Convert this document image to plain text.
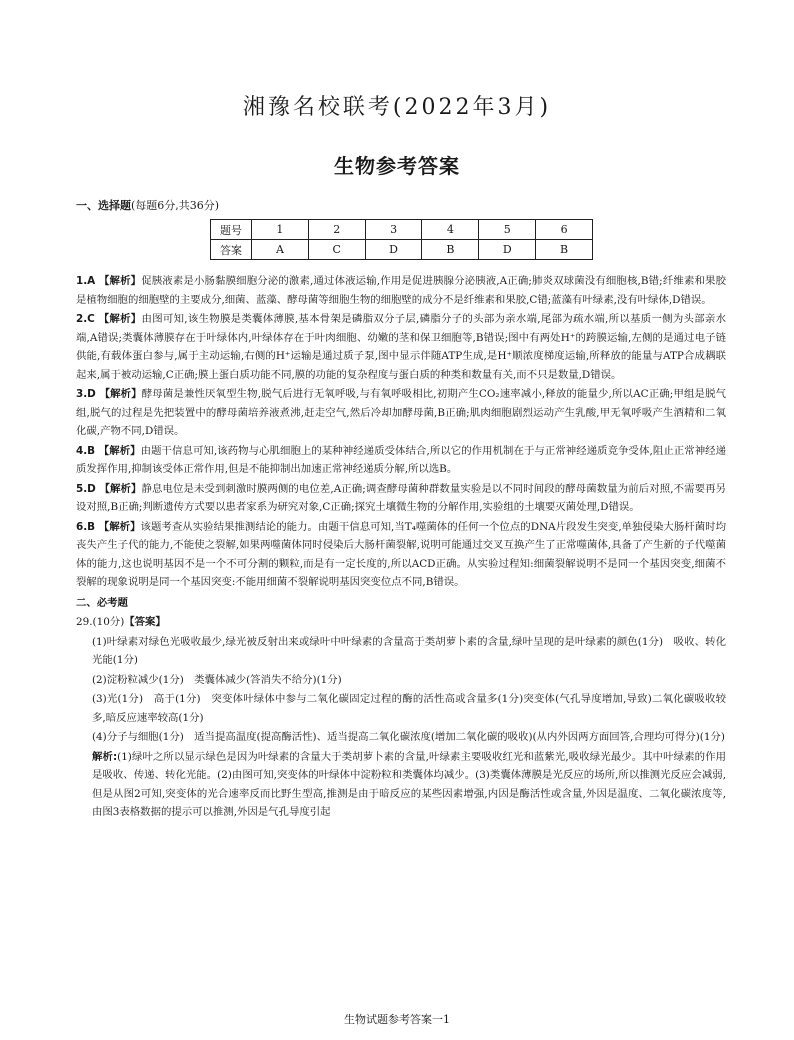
湘豫名校联考(2022年3月)
生物参考答案
一、选择题(每题6分,共36分)
题号	1	2	3	4	5	6
答案	A	C	D	B	D	B

1.A 【解析】促胰液素是小肠黏膜细胞分泌的激素,通过体液运输,作用是促进胰腺分泌胰液,A正确;肺炎双球菌没有细胞核,B错;纤维素和果胶是植物细胞的细胞壁的主要成分,细菌、蓝藻、酵母菌等细胞生物的细胞壁的成分不是纤维素和果胶,C错;蓝藻有叶绿素,没有叶绿体,D错误。

2.C 【解析】由图可知,该生物膜是类囊体薄膜,基本骨架是磷脂双分子层,磷脂分子的头部为亲水端,尾部为疏水端,所以基质一侧为头部亲水端,A错误;类囊体薄膜存在于叶绿体内,叶绿体存在于叶肉细胞、幼嫩的茎和保卫细胞等,B错误;图中有两处H⁺的跨膜运输,左侧的是通过电子链供能,有载体蛋白参与,属于主动运输,右侧的H⁺运输是通过质子泵,图中显示伴随ATP生成,是H⁺顺浓度梯度运输,所释放的能量与ATP合成耦联起来,属于被动运输,C正确;膜上蛋白质功能不同,膜的功能的复杂程度与蛋白质的种类和数量有关,而不只是数量,D错误。

3.D 【解析】酵母菌是兼性厌氧型生物,脱气后进行无氧呼吸,与有氧呼吸相比,初期产生CO₂速率减小,释放的能量少,所以AC正确;甲组是脱气组,脱气的过程是先把装置中的酵母菌培养液煮沸,赶走空气,然后冷却加酵母菌,B正确;肌肉细胞剧烈运动产生乳酸,甲无氧呼吸产生酒精和二氧化碳,产物不同,D错误。

4.B 【解析】由题干信息可知,该药物与心肌细胞上的某种神经递质受体结合,所以它的作用机制在于与正常神经递质竞争受体,阻止正常神经递质发挥作用,抑制该受体正常作用,但是不能抑制出加速正常神经递质分解,所以选B。

5.D 【解析】静息电位是未受到刺激时膜两侧的电位差,A正确;调查酵母菌种群数量实验是以不同时间段的酵母菌数量为前后对照,不需要再另设对照,B正确;判断遗传方式要以患者家系为研究对象,C正确;探究土壤微生物的分解作用,实验组的土壤要灭菌处理,D错误。

6.B 【解析】该题考查从实验结果推测结论的能力。由题干信息可知,当T₄噬菌体的任何一个位点的DNA片段发生突变,单独侵染大肠杆菌时均丧失产生子代的能力,不能使之裂解,如果两噬菌体同时侵染后大肠杆菌裂解,说明可能通过交叉互换产生了正常噬菌体,具备了产生新的子代噬菌体的能力,这也说明基因不是一个不可分割的颗粒,而是有一定长度的,所以ACD正确。从实验过程知:细菌裂解说明不是同一个基因突变,细菌不裂解的现象说明是同一个基因突变:不能用细菌不裂解说明基因突变位点不同,B错误。

二、必考题

29.(10分)【答案】

(1)叶绿素对绿色光吸收最少,绿光被反射出来或绿叶中叶绿素的含量高于类胡萝卜素的含量,绿叶呈现的是叶绿素的颜色(1分)　吸收、转化光能(1分)

(2)淀粉粒减少(1分)　类囊体减少(答消失不给分)(1分)

(3)光(1分)　高于(1分)　突变体叶绿体中参与二氧化碳固定过程的酶的活性高或含量多(1分)突变体(气孔导度增加,导致)二氧化碳吸收较多,暗反应速率较高(1分)

(4)分子与细胞(1分)　适当提高温度(提高酶活性)、适当提高二氧化碳浓度(增加二氧化碳的吸收)(从内外因两方面回答,合理均可得分)(1分)

解析:(1)绿叶之所以显示绿色是因为叶绿素的含量大于类胡萝卜素的含量,叶绿素主要吸收红光和蓝紫光,吸收绿光最少。其中叶绿素的作用是吸收、传递、转化光能。(2)由图可知,突变体的叶绿体中淀粉粒和类囊体均减少。(3)类囊体薄膜是光反应的场所,所以推测光反应会减弱,但是从图2可知,突变体的光合速率反而比野生型高,推测是由于暗反应的某些因素增强,内因是酶活性或含量,外因是温度、二氧化碳浓度等,由图3表格数据的提示可以推测,外因是气孔导度引起

生物试题参考答案一1
